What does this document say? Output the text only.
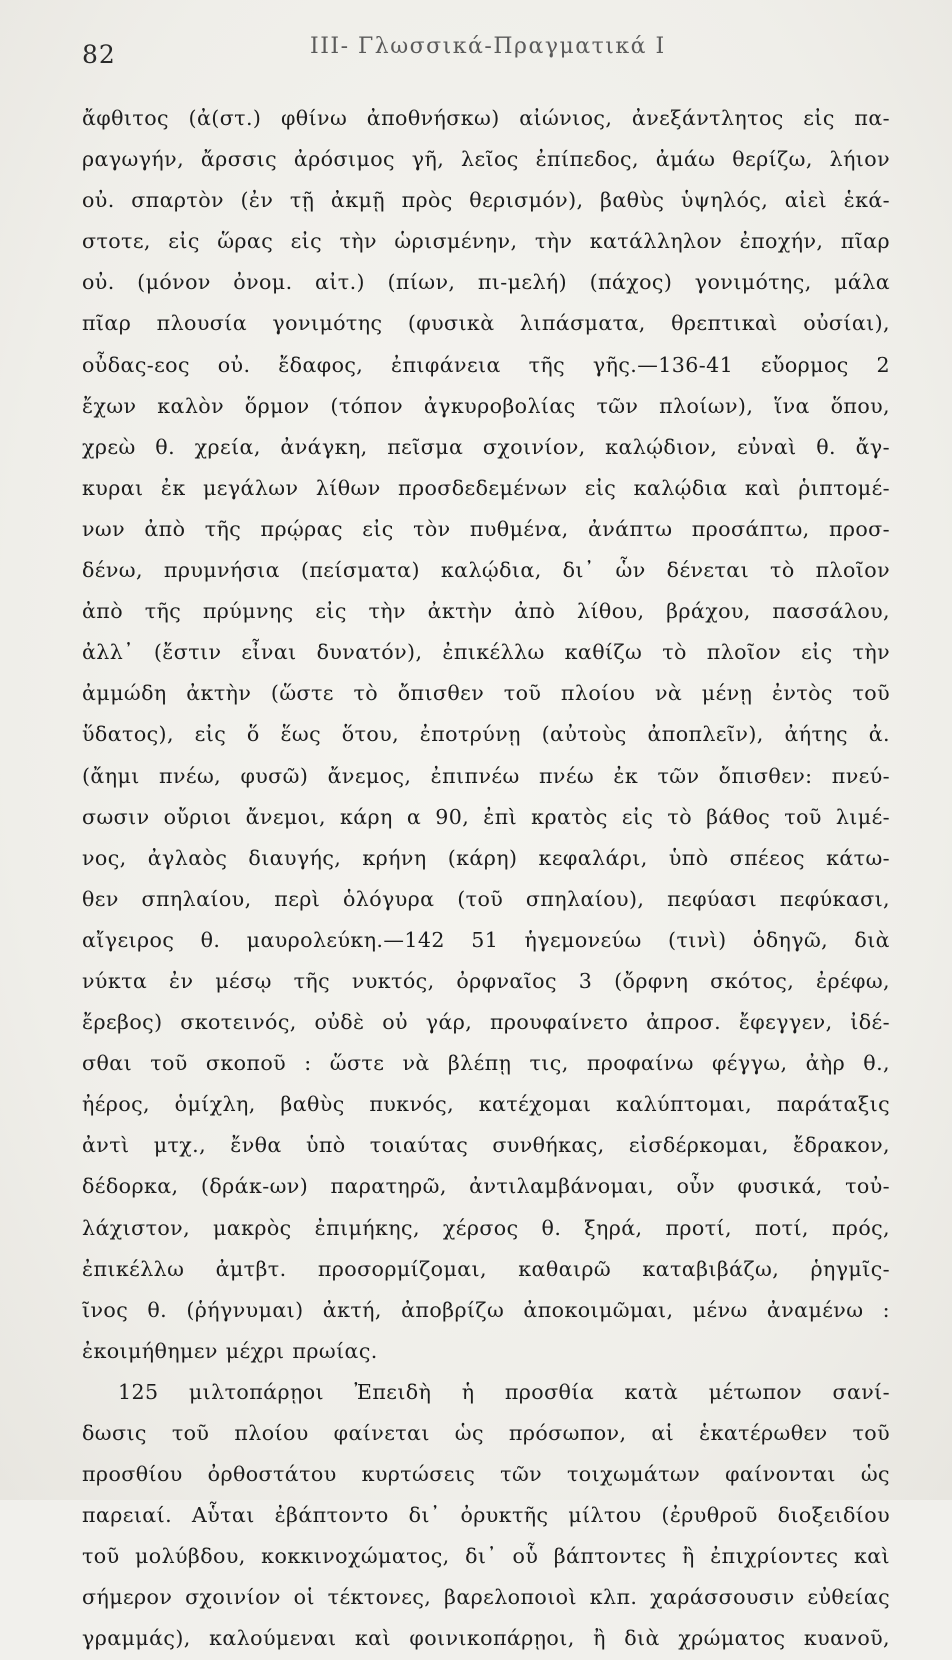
82	III- Γλωσσικά-Πραγματικά I
ἄφθιτος (ἀ(στ.) φθίνω ἀποθνήσκω) αἰώνιος, ἀνεξάντλητος εἰς πα-
ραγωγήν, ἄρσσις ἀρόσιμος γῆ, λεῖος ἐπίπεδος, ἀμάω θερίζω, λήιον
οὐ. σπαρτὸν (ἐν τῇ ἀκμῇ πρὸς θερισμόν), βαθὺς ὑψηλός, αἰεὶ ἑκά-
στοτε, εἰς ὥρας εἰς τὴν ὡρισμένην, τὴν κατάλληλον ἐποχήν, πῖαρ
οὐ. (μόνον ὀνομ. αἰτ.) (πίων, πι-μελή) (πάχος) γονιμότης, μάλα
πῖαρ πλουσία γονιμότης (φυσικὰ λιπάσματα, θρεπτικαὶ οὐσίαι),
οὖδας-εος οὐ. ἔδαφος, ἐπιφάνεια τῆς γῆς.—136-41 εὔορμος 2
ἔχων καλὸν ὅρμον (τόπον ἀγκυροβολίας τῶν πλοίων), ἵνα ὅπου,
χρεὼ θ. χρεία, ἀνάγκη, πεῖσμα σχοινίον, καλῴδιον, εὐναὶ θ. ἄγ-
κυραι ἐκ μεγάλων λίθων προσδεδεμένων εἰς καλῴδια καὶ ῥιπτομέ-
νων ἀπὸ τῆς πρῴρας εἰς τὸν πυθμένα, ἀνάπτω προσάπτω, προσ-
δένω, πρυμνήσια (πείσματα) καλῴδια, δι᾽ ὧν δένεται τὸ πλοῖον
ἀπὸ τῆς πρύμνης εἰς τὴν ἀκτὴν ἀπὸ λίθου, βράχου, πασσάλου,
ἀλλ᾽ (ἔστιν εἶναι δυνατόν), ἐπικέλλω καθίζω τὸ πλοῖον εἰς τὴν
ἀμμώδη ἀκτὴν (ὥστε τὸ ὄπισθεν τοῦ πλοίου νὰ μένῃ ἐντὸς τοῦ
ὕδατος), εἰς ὅ ἕως ὅτου, ἐποτρύνῃ (αὐτοὺς ἀποπλεῖν), ἀήτης ἀ.
(ἄημι πνέω, φυσῶ) ἄνεμος, ἐπιπνέω πνέω ἐκ τῶν ὄπισθεν: πνεύ-
σωσιν οὔριοι ἄνεμοι, κάρη α 90, ἐπὶ κρατὸς εἰς τὸ βάθος τοῦ λιμέ-
νος, ἀγλαὸς διαυγής, κρήνη (κάρη) κεφαλάρι, ὑπὸ σπέεος κάτω-
θεν σπηλαίου, περὶ ὁλόγυρα (τοῦ σπηλαίου), πεφύασι πεφύκασι,
αἴγειρος θ. μαυρολεύκη.—142 51 ἡγεμονεύω (τινὶ) ὁδηγῶ, διὰ
νύκτα ἐν μέσῳ τῆς νυκτός, ὀρφναῖος 3 (ὄρφνη σκότος, ἐρέφω,
ἔρεβος) σκοτεινός, οὐδὲ οὐ γάρ, προυφαίνετο ἀπροσ. ἔφεγγεν, ἰδέ-
σθαι τοῦ σκοποῦ : ὥστε νὰ βλέπῃ τις, προφαίνω φέγγω, ἀὴρ θ.,
ἠέρος, ὁμίχλη, βαθὺς πυκνός, κατέχομαι καλύπτομαι, παράταξις
ἀντὶ μτχ., ἔνθα ὑπὸ τοιαύτας συνθήκας, εἰσδέρκομαι, ἔδρακον,
δέδορκα, (δράκ-ων) παρατηρῶ, ἀντιλαμβάνομαι, οὖν φυσικά, τοὐ-
λάχιστον, μακρὸς ἐπιμήκης, χέρσος θ. ξηρά, προτί, ποτί, πρός,
ἐπικέλλω ἀμτβτ. προσορμίζομαι, καθαιρῶ καταβιβάζω, ῥηγμῖς-
ῖνος θ. (ῥήγνυμαι) ἀκτή, ἀποβρίζω ἀποκοιμῶμαι, μένω ἀναμένω :
ἐκοιμήθημεν μέχρι πρωίας.
125 μιλτοπάρῃοι Ἐπειδὴ ἡ προσθία κατὰ μέτωπον σανί-
δωσις τοῦ πλοίου φαίνεται ὡς πρόσωπον, αἱ ἑκατέρωθεν τοῦ
προσθίου ὀρθοστάτου κυρτώσεις τῶν τοιχωμάτων φαίνονται ὡς
παρειαί. Αὗται ἐβάπτοντο δι᾽ ὀρυκτῆς μίλτου (ἐρυθροῦ διοξειδίου
τοῦ μολύβδου, κοκκινοχώματος, δι᾽ οὗ βάπτοντες ἢ ἐπιχρίοντες καὶ
σήμερον σχοινίον οἱ τέκτονες, βαρελοποιοὶ κλπ. χαράσσουσιν εὐθείας
γραμμάς), καλούμεναι καὶ φοινικοπάρῃοι, ἢ διὰ χρώματος κυανοῦ,
